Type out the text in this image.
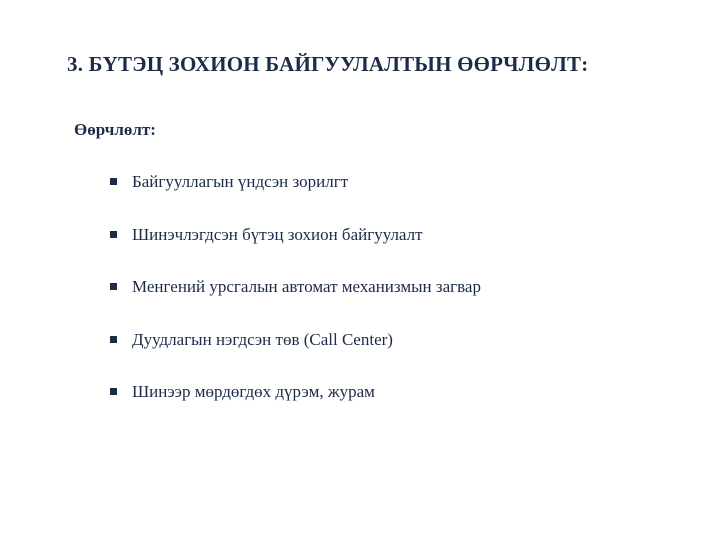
3. БҮТЭЦ ЗОХИОН БАЙГУУЛАЛТЫН ӨӨРЧЛӨЛТ:
Өөрчлөлт:
Байгууллагын үндсэн зорилгт
Шинэчлэгдсэн бүтэц зохион байгуулалт
Менгений урсгалын автомат механизмын загвар
Дуудлагын нэгдсэн төв (Call Center)
Шинээр мөрдөгдөх дүрэм, журам
